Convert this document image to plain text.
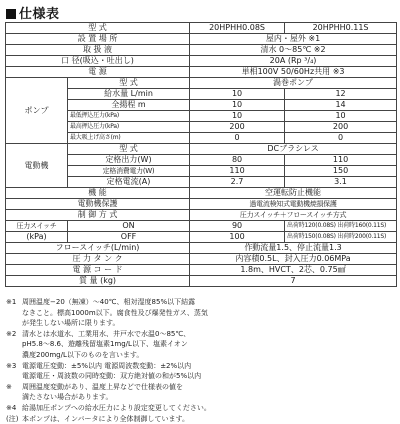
仕様表
型 式		20HPHH0.08S	20HPHH0.11S
設 置 場 所		屋内・屋外 ※1	
取 扱 液		清水 0～85℃ ※2	
口 径(吸込・吐出し)		20A (Rp ³/₄)	
電 源		単相100V 50/60Hz共用 ※3	
ポンプ	型 式	渦巻ポンプ	
	給水量 L/min	10	12
	全揚程 m	10	14
	最低押込圧力(kPa)	10	10
	最高押込圧力(kPa)	200	200
	最大吸上げ高さ(m)	0	0
電動機	型 式	DCブラシレス	
	定格出力(W)	80	110
	定格消費電力(W)	110	150
	定格電流(A)	2.7	3.1
機 能		空運転防止機能	
電動機保護		過電流検知式電動機焼損保護	
制 御 方 式		圧力スイッチ＋フロースイッチ方式	
圧力スイッチ	ON	90	出荷時120(0.08S) 出荷時160(0.11S)
(kPa)	OFF	100	出荷時150(0.08S) 出荷時200(0.11S)
フロースイッチ(L/min)		作動流量1.5、停止流量1.3	
圧 力 タ ン ク		内容積0.5L、封入圧力0.06MPa	
電 源 コ ー ド		1.8m、HVCT、2芯、0.75㎟	
質 量 (kg)		7	
※1 周囲温度−20（無凍）〜40℃、相対湿度85%以下結露
なきこと。標高1000m以下。腐食性及び爆発性ガス、蒸気
が発生しない場所に限ります。
※2 清水とは水道水、工業用水、井戸水で水温0〜85℃、
pH5.8〜8.6、遊離残留塩素1mg/L以下、塩素イオン
濃度200mg/L以下のものを言います。
※3 電源電圧変動：±5%以内 電源周波数変動：±2%以内
電源電圧・周波数の同時変動：双方絶対値の和が5%以内
※	周囲温度変動があり、温度上昇などで仕様表の値を
満たさない場合があります。
※4 給湯加圧ポンプへの給水圧力により設定変更してください。
(注) 本ポンプは、インバータにより全体制御しています。
